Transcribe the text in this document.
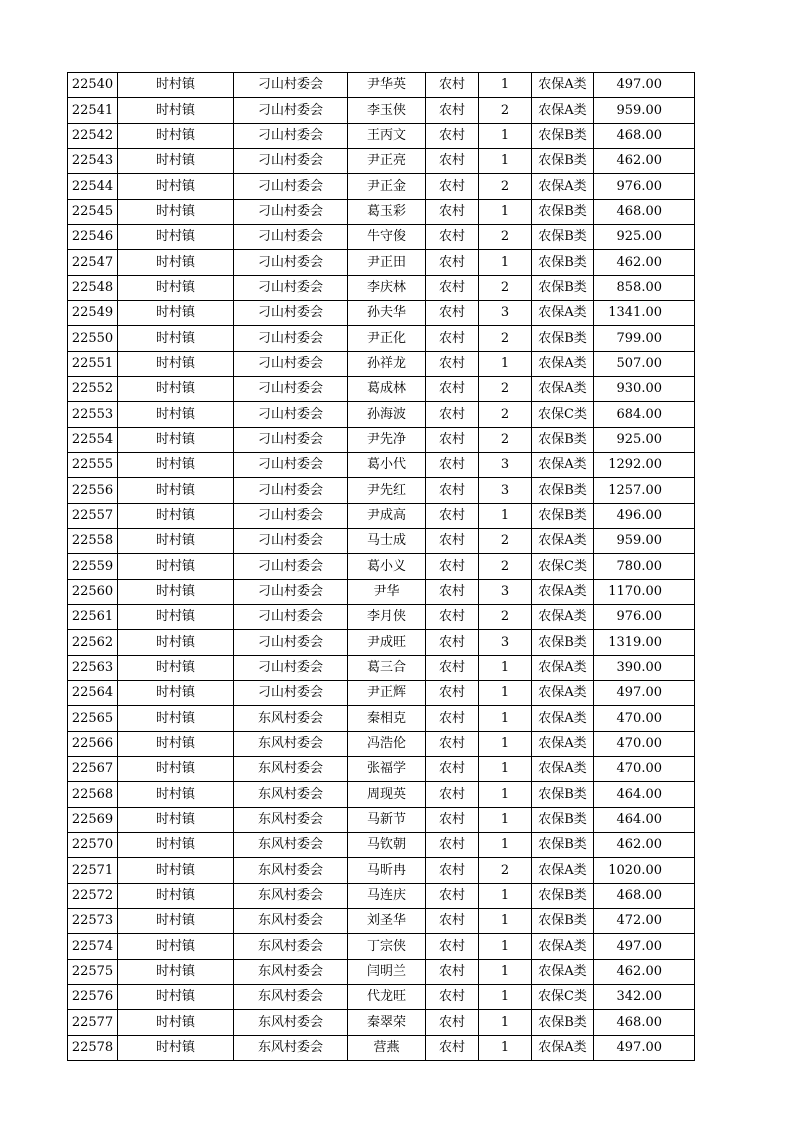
22540	时村镇	刁山村委会	尹华英	农村	1	农保A类	497.00
22541	时村镇	刁山村委会	李玉侠	农村	2	农保A类	959.00
22542	时村镇	刁山村委会	王丙文	农村	1	农保B类	468.00
22543	时村镇	刁山村委会	尹正亮	农村	1	农保B类	462.00
22544	时村镇	刁山村委会	尹正金	农村	2	农保A类	976.00
22545	时村镇	刁山村委会	葛玉彩	农村	1	农保B类	468.00
22546	时村镇	刁山村委会	牛守俊	农村	2	农保B类	925.00
22547	时村镇	刁山村委会	尹正田	农村	1	农保B类	462.00
22548	时村镇	刁山村委会	李庆林	农村	2	农保B类	858.00
22549	时村镇	刁山村委会	孙夫华	农村	3	农保A类	1341.00
22550	时村镇	刁山村委会	尹正化	农村	2	农保B类	799.00
22551	时村镇	刁山村委会	孙祥龙	农村	1	农保A类	507.00
22552	时村镇	刁山村委会	葛成林	农村	2	农保A类	930.00
22553	时村镇	刁山村委会	孙海波	农村	2	农保C类	684.00
22554	时村镇	刁山村委会	尹先净	农村	2	农保B类	925.00
22555	时村镇	刁山村委会	葛小代	农村	3	农保A类	1292.00
22556	时村镇	刁山村委会	尹先红	农村	3	农保B类	1257.00
22557	时村镇	刁山村委会	尹成高	农村	1	农保B类	496.00
22558	时村镇	刁山村委会	马士成	农村	2	农保A类	959.00
22559	时村镇	刁山村委会	葛小义	农村	2	农保C类	780.00
22560	时村镇	刁山村委会	尹华	农村	3	农保A类	1170.00
22561	时村镇	刁山村委会	李月侠	农村	2	农保A类	976.00
22562	时村镇	刁山村委会	尹成旺	农村	3	农保B类	1319.00
22563	时村镇	刁山村委会	葛三合	农村	1	农保A类	390.00
22564	时村镇	刁山村委会	尹正辉	农村	1	农保A类	497.00
22565	时村镇	东风村委会	秦相克	农村	1	农保A类	470.00
22566	时村镇	东风村委会	冯浩伦	农村	1	农保A类	470.00
22567	时村镇	东风村委会	张福学	农村	1	农保A类	470.00
22568	时村镇	东风村委会	周现英	农村	1	农保B类	464.00
22569	时村镇	东风村委会	马新节	农村	1	农保B类	464.00
22570	时村镇	东风村委会	马钦朝	农村	1	农保B类	462.00
22571	时村镇	东风村委会	马昕冉	农村	2	农保A类	1020.00
22572	时村镇	东风村委会	马连庆	农村	1	农保B类	468.00
22573	时村镇	东风村委会	刘圣华	农村	1	农保B类	472.00
22574	时村镇	东风村委会	丁宗侠	农村	1	农保A类	497.00
22575	时村镇	东风村委会	闫明兰	农村	1	农保A类	462.00
22576	时村镇	东风村委会	代龙旺	农村	1	农保C类	342.00
22577	时村镇	东风村委会	秦翠荣	农村	1	农保B类	468.00
22578	时村镇	东风村委会	营燕	农村	1	农保A类	497.00
